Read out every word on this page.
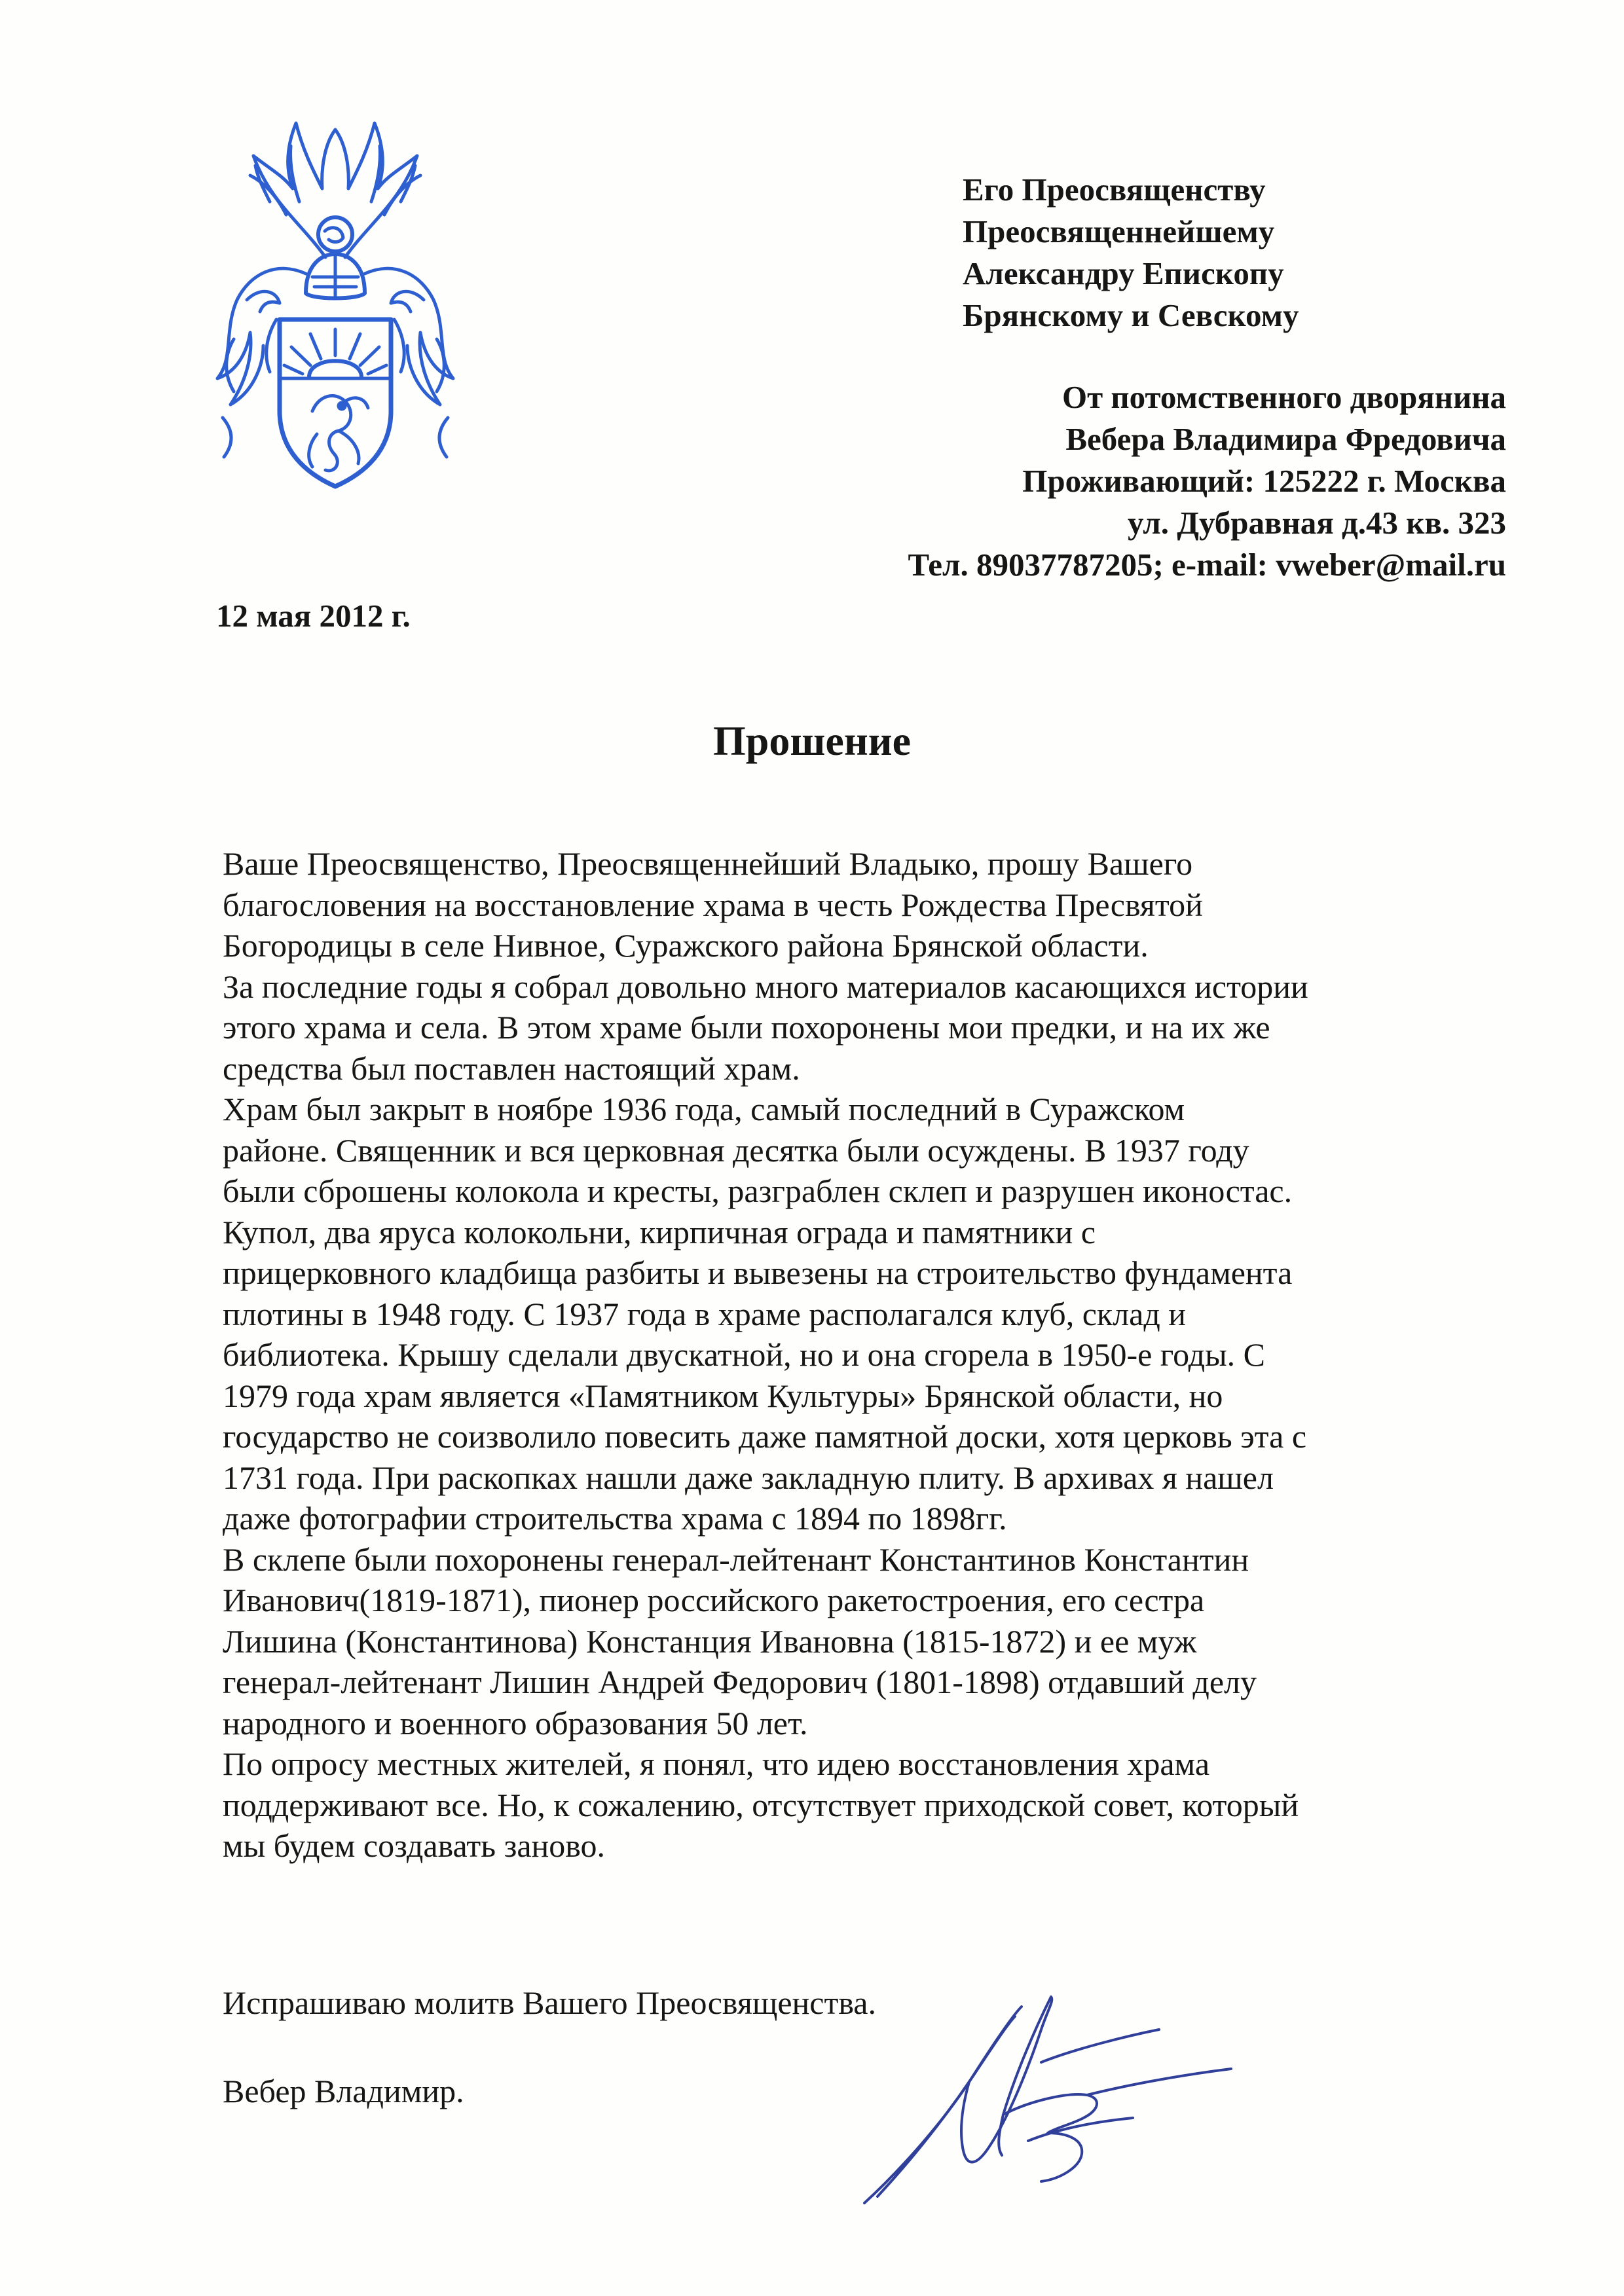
Его Преосвященству
Преосвященнейшему
Александру Епископу
Брянскому и Севскому
От потомственного дворянина
Вебера Владимира Фредовича
Проживающий: 125222 г. Москва
ул. Дубравная д.43 кв. 323
Тел. 89037787205; e-mail: vweber@mail.ru
12 мая 2012 г.
Прошение
Ваше Преосвященство, Преосвященнейший Владыко, прошу Вашего
благословения на восстановление храма в честь Рождества Пресвятой
Богородицы в селе Нивное, Суражского района Брянской области.
За последние годы я собрал довольно много материалов касающихся истории
этого храма и села. В этом храме были похоронены мои предки, и на их же
средства был поставлен настоящий храм.
Храм был закрыт в ноябре 1936 года, самый последний в Суражском
районе. Священник и вся церковная десятка были осуждены. В 1937 году
были сброшены колокола и кресты, разграблен склеп и разрушен иконостас.
Купол, два яруса колокольни, кирпичная ограда и памятники с
прицерковного кладбища разбиты и вывезены на строительство фундамента
плотины в 1948 году. С 1937 года в храме располагался клуб, склад и
библиотека. Крышу сделали двускатной, но и она сгорела в 1950-е годы. С
1979 года храм является «Памятником Культуры» Брянской области, но
государство не соизволило повесить даже памятной доски, хотя церковь эта с
1731 года. При раскопках нашли даже закладную плиту. В архивах я нашел
даже фотографии строительства храма с 1894 по 1898гг.
В склепе были похоронены генерал-лейтенант Константинов Константин
Иванович(1819-1871), пионер российского ракетостроения, его сестра
Лишина (Константинова) Констанция Ивановна (1815-1872) и ее муж
генерал-лейтенант Лишин Андрей Федорович (1801-1898) отдавший делу
народного и военного образования 50 лет.
По опросу местных жителей, я понял, что идею восстановления храма
поддерживают все. Но, к сожалению, отсутствует приходской совет, который
мы будем создавать заново.
Испрашиваю молитв Вашего Преосвященства.
Вебер Владимир.
